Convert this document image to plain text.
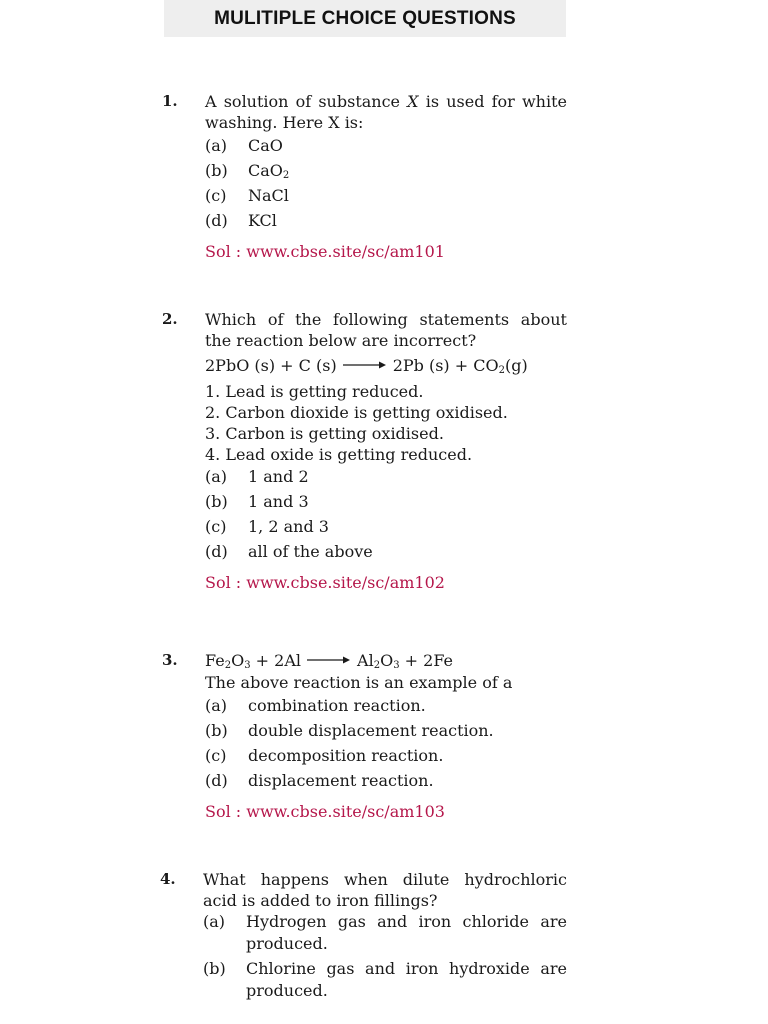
MULITIPLE CHOICE QUESTIONS
1. A solution of substance X is used for white
washing. Here X is:
(a)	CaO
(b)	CaO$_2$
(c)	NaCl
(d)	KCl
Sol : www.cbse.site/sc/am101
2. Which of the following statements about
the reaction below are incorrect?
2PbO (s) + C (s) → 2Pb $(s) + CO_2(g)$
1. Lead is getting reduced.
2. Carbon dioxide is getting oxidised.
3. Carbon is getting oxidised.
4. Lead oxide is getting reduced.
(a)	1 and 2
(b)	1 and 3
(c)	1, 2 and 3
(d)	all of the above
Sol : www.cbse.site/sc/am102
3. $Fe_2O_3 + 2Al \to Al_2O_3 + 2Fe$
The above reaction is an example of a
(a)	combination reaction.
(b)	double displacement reaction.
(c)	decomposition reaction.
(d)	displacement reaction.
Sol : www.cbse.site/sc/am103
4. What happens when dilute hydrochloric
acid is added to iron fillings?
(a)	Hydrogen gas and iron chloride are
produced.
(b)	Chlorine gas and iron hydroxide are
produced.
